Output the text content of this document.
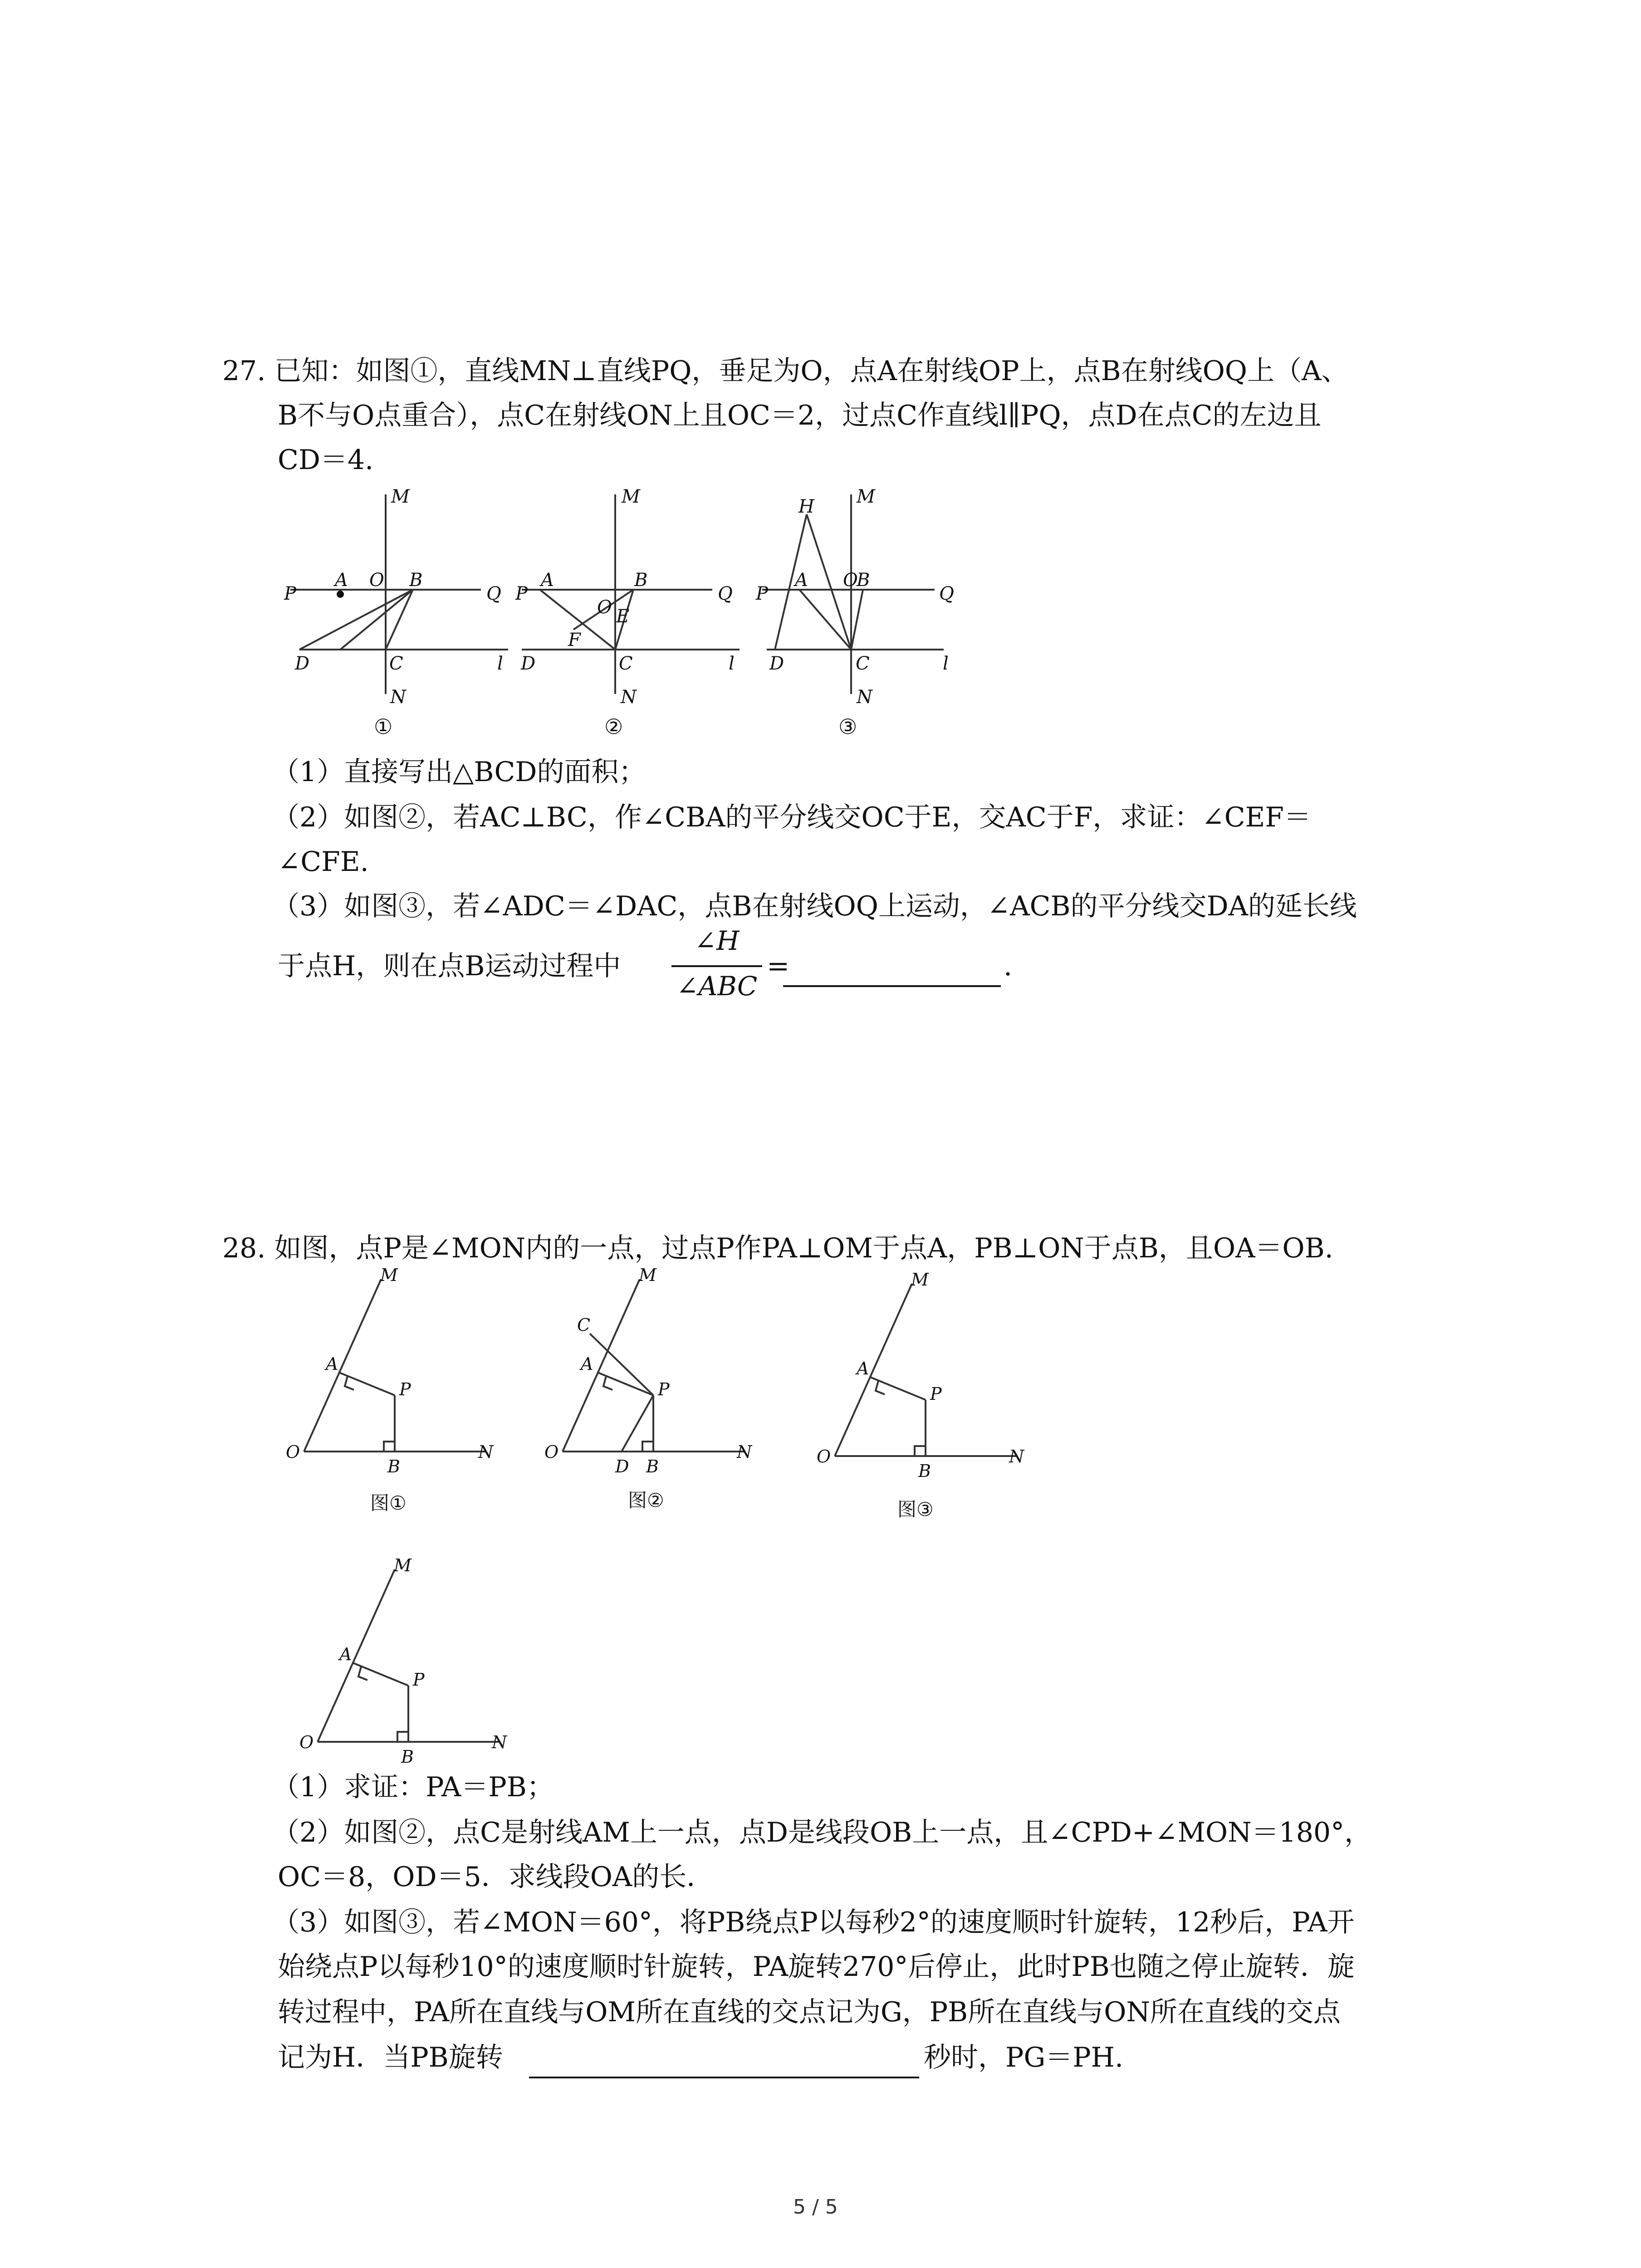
27. 已知：如图①，直线MN⊥直线PQ，垂足为O，点A在射线OP上，点B在射线OQ上（A、
B不与O点重合），点C在射线ON上且OC＝2，过点C作直线l∥PQ，点D在点C的左边且
CD＝4.
M
P
A O B
Q
D	C	l
N
①
M
P
A	B
Q
O E
F
D	C	l
N
②
H M
P
A O
B
Q
D	C	l
N
③
（1）直接写出△BCD的面积；
（2）如图②，若AC⊥BC，作∠CBA的平分线交OC于E，交AC于F，求证：∠CEF＝
∠CFE.
（3）如图③，若∠ADC＝∠DAC，点B在射线OQ上运动，∠ACB的平分线交DA的延长线
于点H，则在点B运动过程中
∠H
∠ABC
=	.
28. 如图，点P是∠MON内的一点，过点P作PA⊥OM于点A，PB⊥ON于点B，且OA＝OB.
M
A
P
O
B
N
图①
M
C
A
P
O
D B
N
图②
M
A
P
O
B
N
图③
M
A
P
O
B
N
（1）求证：PA＝PB；
（2）如图②，点C是射线AM上一点，点D是线段OB上一点，且∠CPD+∠MON＝180°，
OC＝8，OD＝5．求线段OA的长．
（3）如图③，若∠MON＝60°，将PB绕点P以每秒2°的速度顺时针旋转，12秒后，PA开
始绕点P以每秒10°的速度顺时针旋转，PA旋转270°后停止，此时PB也随之停止旋转．旋
转过程中，PA所在直线与OM所在直线的交点记为G，PB所在直线与ON所在直线的交点
记为H．当PB旋转	秒时，PG＝PH.
5 / 5
